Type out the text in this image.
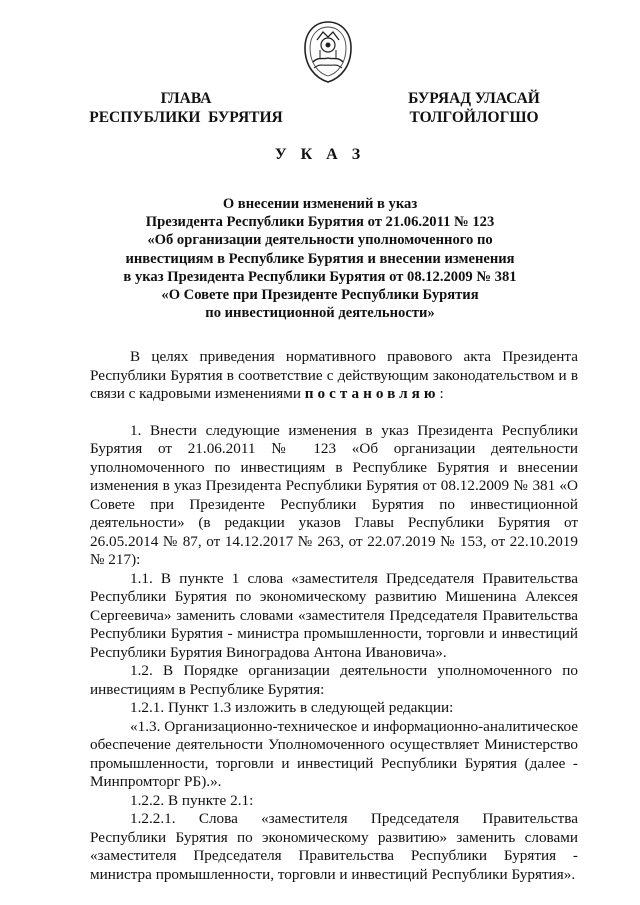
ГЛАВА
РЕСПУБЛИКИ  БУРЯТИЯ
БУРЯАД УЛАСАЙ
ТОЛГОЙЛОГШО
У К А З
О внесении изменений в указ
Президента Республики Бурятия от 21.06.2011 № 123
«Об организации деятельности уполномоченного по
инвестициям в Республике Бурятия и внесении изменения
в указ Президента Республики Бурятия от 08.12.2009 № 381
«О Совете при Президенте Республики Бурятия
по инвестиционной деятельности»

В целях приведения нормативного правового акта Президента Республики Бурятия в соответствие с действующим законодательством и в связи с кадровыми изменениями постановляю:

1. Внести следующие изменения в указ Президента Республики Бурятия от 21.06.2011 № 123 «Об организации деятельности уполномоченного по инвестициям в Республике Бурятия и внесении изменения в указ Президента Республики Бурятия от 08.12.2009 № 381 «О Совете при Президенте Республики Бурятия по инвестиционной деятельности» (в редакции указов Главы Республики Бурятия от 26.05.2014 № 87, от 14.12.2017 № 263, от 22.07.2019 № 153, от 22.10.2019 № 217):

1.1. В пункте 1 слова «заместителя Председателя Правительства Республики Бурятия по экономическому развитию Мишенина Алексея Сергеевича» заменить словами «заместителя Председателя Правительства Республики Бурятия - министра промышленности, торговли и инвестиций Республики Бурятия Виноградова Антона Ивановича».

1.2. В Порядке организации деятельности уполномоченного по инвестициям в Республике Бурятия:

1.2.1. Пункт 1.3 изложить в следующей редакции:

«1.3. Организационно-техническое и информационно-аналитическое обеспечение деятельности Уполномоченного осуществляет Министерство промышленности, торговли и инвестиций Республики Бурятия (далее - Минпромторг РБ).».

1.2.2. В пункте 2.1:

1.2.2.1. Слова «заместителя Председателя Правительства Республики Бурятия по экономическому развитию» заменить словами «заместителя Председателя Правительства Республики Бурятия - министра промышленности, торговли и инвестиций Республики Бурятия».
